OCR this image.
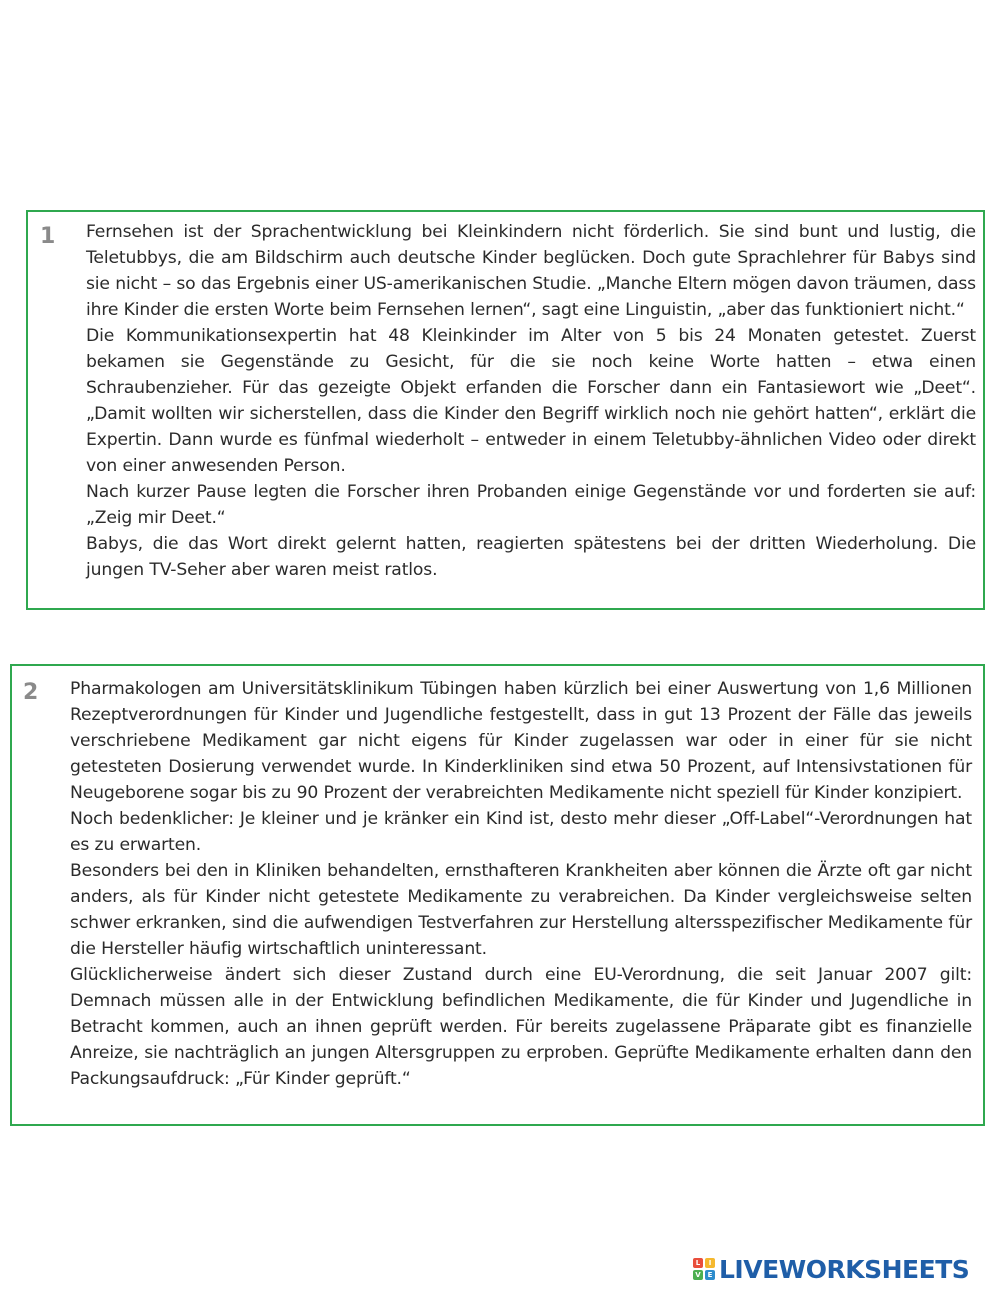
1 Fernsehen ist der Sprachentwicklung bei Kleinkindern nicht förderlich. Sie sind bunt und lustig, die Teletubbys, die am Bildschirm auch deutsche Kinder beglücken. Doch gute Sprachlehrer für Babys sind sie nicht – so das Ergebnis einer US-amerikanischen Studie. „Manche Eltern mögen davon träumen, dass ihre Kinder die ersten Worte beim Fernsehen lernen“, sagt eine Linguistin, „aber das funktioniert nicht.“

Die Kommunikationsexpertin hat 48 Kleinkinder im Alter von 5 bis 24 Monaten getestet. Zuerst bekamen sie Gegenstände zu Gesicht, für die sie noch keine Worte hatten – etwa einen Schraubenzieher. Für das gezeigte Objekt erfanden die Forscher dann ein Fantasiewort wie „Deet“. „Damit wollten wir sicherstellen, dass die Kinder den Begriff wirklich noch nie gehört hatten“, erklärt die Expertin. Dann wurde es fünfmal wiederholt – entweder in einem Teletubby-ähnlichen Video oder direkt von einer anwesenden Person.

Nach kurzer Pause legten die Forscher ihren Probanden einige Gegenstände vor und forderten sie auf: „Zeig mir Deet.“

Babys, die das Wort direkt gelernt hatten, reagierten spätestens bei der dritten Wiederholung. Die jungen TV-Seher aber waren meist ratlos.

2 Pharmakologen am Universitätsklinikum Tübingen haben kürzlich bei einer Auswertung von 1,6 Millionen Rezeptverordnungen für Kinder und Jugendliche festgestellt, dass in gut 13 Prozent der Fälle das jeweils verschriebene Medikament gar nicht eigens für Kinder zugelassen war oder in einer für sie nicht getesteten Dosierung verwendet wurde. In Kinderkliniken sind etwa 50 Prozent, auf Intensivstationen für Neugeborene sogar bis zu 90 Prozent der verabreichten Medikamente nicht speziell für Kinder konzipiert.

Noch bedenklicher: Je kleiner und je kränker ein Kind ist, desto mehr dieser „Off-Label“-Verordnungen hat es zu erwarten.

Besonders bei den in Kliniken behandelten, ernsthafteren Krankheiten aber können die Ärzte oft gar nicht anders, als für Kinder nicht getestete Medikamente zu verabreichen. Da Kinder vergleichsweise selten schwer erkranken, sind die aufwendigen Testverfahren zur Herstellung altersspezifischer Medikamente für die Hersteller häufig wirtschaftlich uninteressant.

Glücklicherweise ändert sich dieser Zustand durch eine EU-Verordnung, die seit Januar 2007 gilt: Demnach müssen alle in der Entwicklung befindlichen Medikamente, die für Kinder und Jugendliche in Betracht kommen, auch an ihnen geprüft werden. Für bereits zugelassene Präparate gibt es finanzielle Anreize, sie nachträglich an jungen Altersgruppen zu erproben. Geprüfte Medikamente erhalten dann den Packungsaufdruck: „Für Kinder geprüft.“

L	I
V E LIVEWORKSHEETS
